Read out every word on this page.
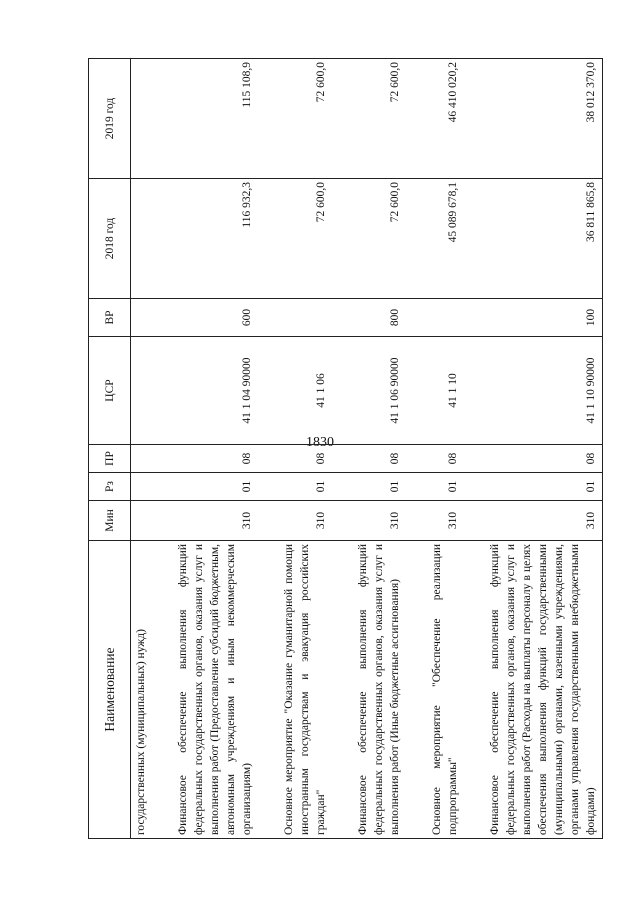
1830
Наименование	Мин	Рз	ПР	ЦСР	ВР	2018 год	2019 год
государственных (муниципальных) нужд)							

Финансовое обеспечение выполнения функций федеральных государственных органов, оказания услуг и выполнения работ (Предоставление субсидий бюджетным, автономным учреждениям и иным некоммерческим организациям)	310	01	08	41 1 04 90000	600	116 932,3	115 108,9

Основное мероприятие "Оказание гуманитарной помощи иностранным государствам и эвакуация российских граждан"	310	01	08	41 1 06		72 600,0	72 600,0

Финансовое обеспечение выполнения функций федеральных государственных органов, оказания услуг и выполнения работ (Иные бюджетные ассигнования)	310	01	08	41 1 06 90000	800	72 600,0	72 600,0

Основное мероприятие "Обеспечение реализации подпрограммы"	310	01	08	41 1 10		45 089 678,1	46 410 020,2

Финансовое обеспечение выполнения функций федеральных государственных органов, оказания услуг и выполнения работ (Расходы на выплаты персоналу в целях обеспечения выполнения функций государственными (муниципальными) органами, казенными учреждениями, органами управления государственными внебюджетными фондами)	310	01	08	41 1 10 90000	100	36 811 865,8	38 012 370,0
